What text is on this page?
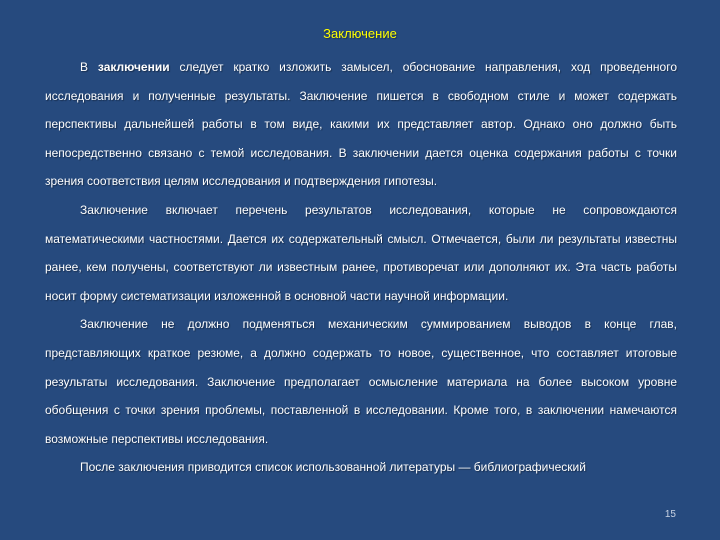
Заключение

В заключении следует кратко изложить замысел, обоснование направления, ход проведенного исследования и полученные результаты. Заключение пишется в свободном стиле и может содержать перспективы дальнейшей работы в том виде, какими их представляет автор. Однако оно должно быть непосредственно связано с темой исследования. В заключении дается оценка содержания работы с точки зрения соответствия целям исследования и подтверждения гипотезы.

Заключение включает перечень результатов исследования, которые не сопровождаются математическими частностями. Дается их содержательный смысл. Отмечается, были ли результаты известны ранее, кем получены, соответствуют ли известным ранее, противоречат или дополняют их. Эта часть работы носит форму систематизации изложенной в основной части научной информации.

Заключение не должно подменяться механическим суммированием выводов в конце глав, представляющих краткое резюме, а должно содержать то новое, существенное, что составляет итоговые результаты исследования. Заключение предполагает осмысление материала на более высоком уровне обобщения с точки зрения проблемы, поставленной в исследовании. Кроме того, в заключении намечаются возможные перспективы исследования.

После заключения приводится список использованной литературы — библиографический

15
